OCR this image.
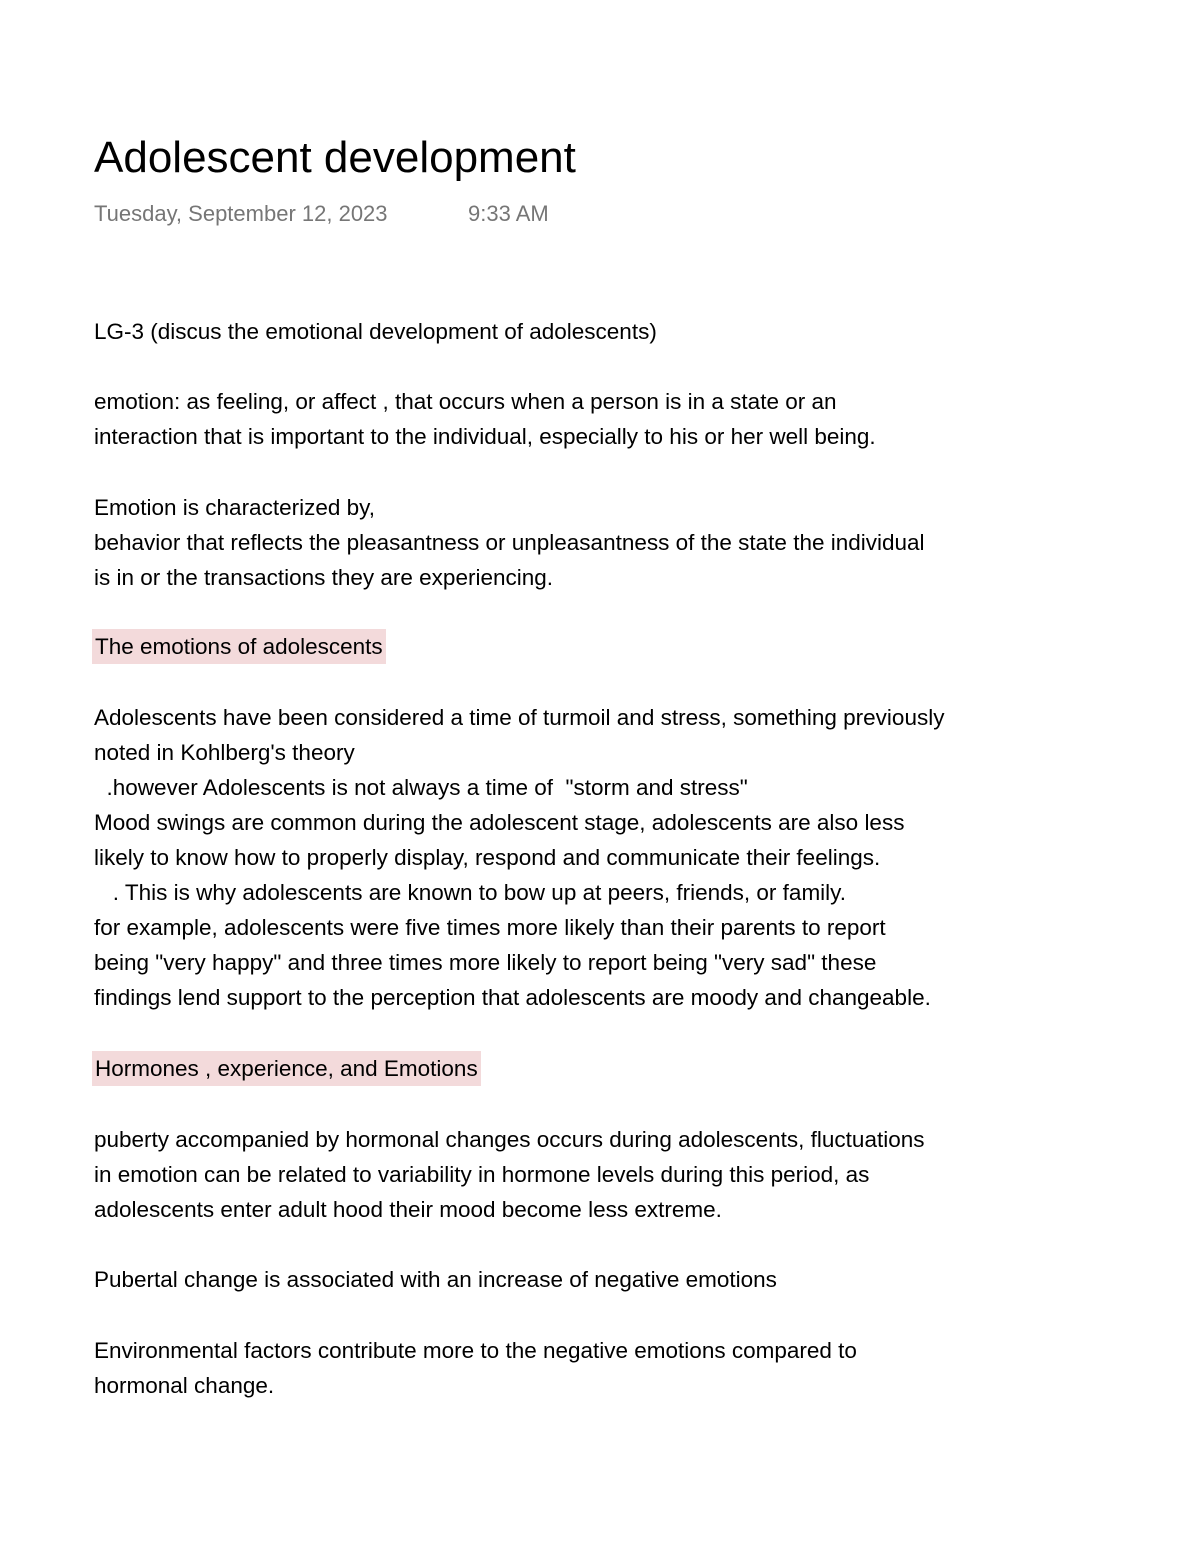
Adolescent development
Tuesday, September 12, 2023	9:33 AM
LG-3 (discus the emotional development of adolescents)
emotion: as feeling, or affect , that occurs when a person is in a state or an
interaction that is important to the individual, especially to his or her well being.
Emotion is characterized by,
behavior that reflects the pleasantness or unpleasantness of the state the individual
is in or the transactions they are experiencing.
The emotions of adolescents
Adolescents have been considered a time of turmoil and stress, something previously
noted in Kohlberg's theory
.however Adolescents is not always a time of  "storm and stress"
Mood swings are common during the adolescent stage, adolescents are also less
likely to know how to properly display, respond and communicate their feelings.
. This is why adolescents are known to bow up at peers, friends, or family.
for example, adolescents were five times more likely than their parents to report
being "very happy" and three times more likely to report being "very sad" these
findings lend support to the perception that adolescents are moody and changeable.
Hormones , experience, and Emotions
puberty accompanied by hormonal changes occurs during adolescents, fluctuations
in emotion can be related to variability in hormone levels during this period, as
adolescents enter adult hood their mood become less extreme.
Pubertal change is associated with an increase of negative emotions
Environmental factors contribute more to the negative emotions compared to
hormonal change.
